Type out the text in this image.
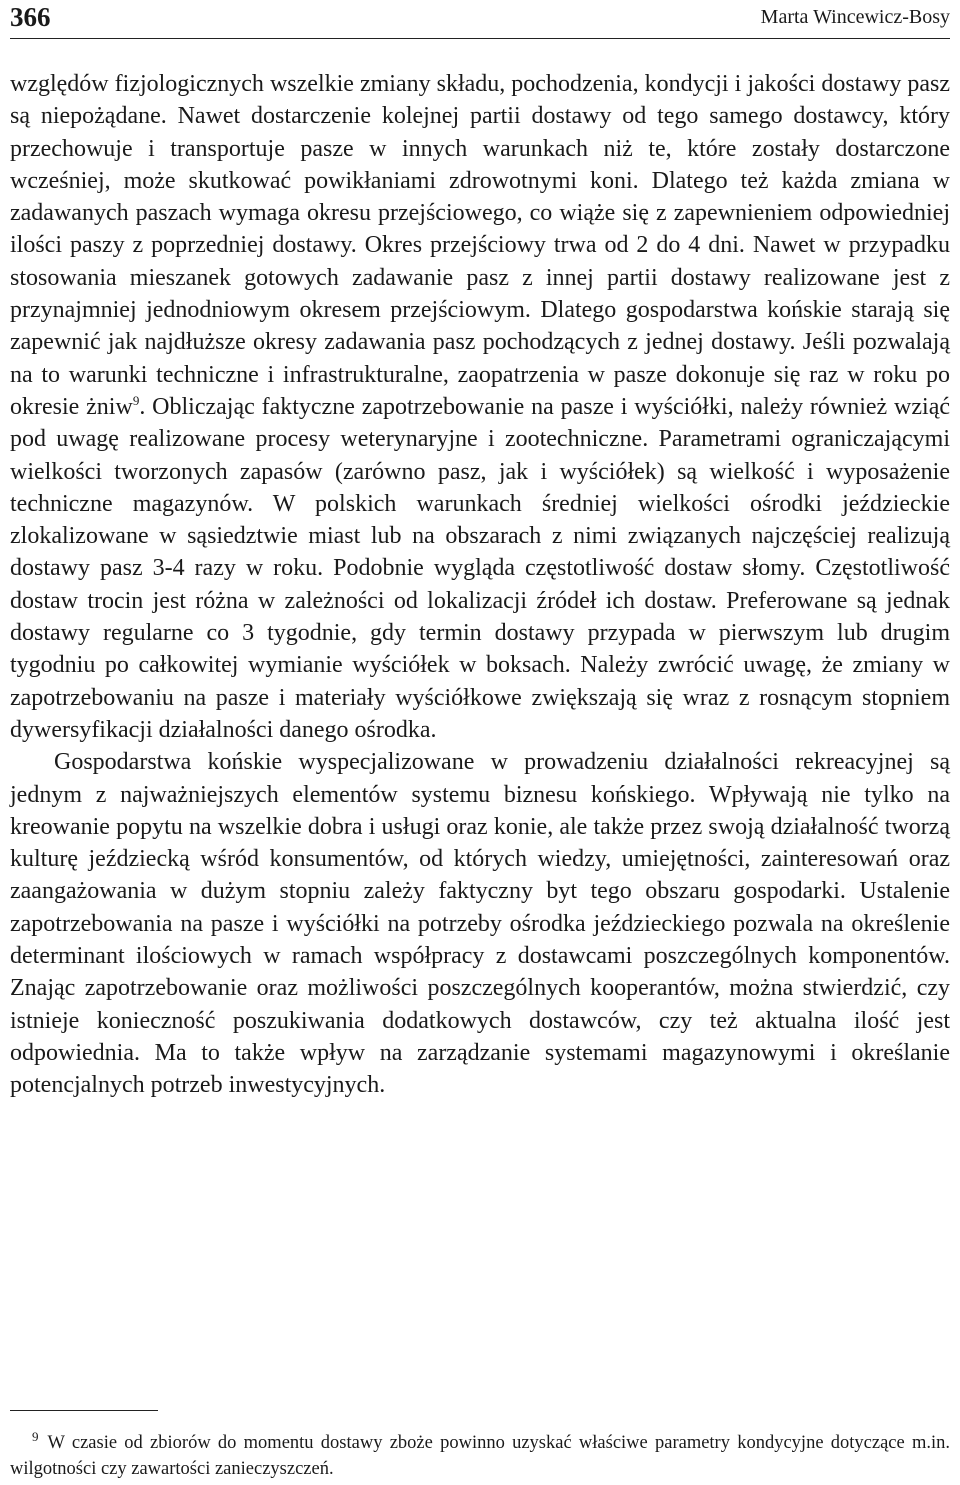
366	Marta Wincewicz-Bosy

względów fizjologicznych wszelkie zmiany składu, pochodzenia, kondycji i jakości dostawy pasz są niepożądane. Nawet dostarczenie kolejnej partii dostawy od tego samego dostawcy, który przechowuje i transportuje pasze w innych warunkach niż te, które zostały dostarczone wcześniej, może skutkować powikłaniami zdrowotnymi koni. Dlatego też każda zmiana w zadawanych paszach wymaga okresu przejściowego, co wiąże się z zapewnieniem odpowiedniej ilości paszy z poprzedniej dostawy. Okres przejściowy trwa od 2 do 4 dni. Nawet w przypadku stosowania mieszanek gotowych zadawanie pasz z innej partii dostawy realizowane jest z przynajmniej jednodniowym okresem przejściowym. Dlatego gospodarstwa końskie starają się zapewnić jak najdłuższe okresy zadawania pasz pochodzących z jednej dostawy. Jeśli pozwalają na to warunki techniczne i infrastrukturalne, zaopatrzenia w pasze dokonuje się raz w roku po okresie żniw$^9$. Obliczając faktyczne zapotrzebowanie na pasze i wyściółki, należy również wziąć pod uwagę realizowane procesy weterynaryjne i zootechniczne. Parametrami ograniczającymi wielkości tworzonych zapasów (zarówno pasz, jak i wyściółek) są wielkość i wyposażenie techniczne magazynów. W polskich warunkach średniej wielkości ośrodki jeździeckie zlokalizowane w sąsiedztwie miast lub na obszarach z nimi związanych najczęściej realizują dostawy pasz 3-4 razy w roku. Podobnie wygląda częstotliwość dostaw słomy. Częstotliwość dostaw trocin jest różna w zależności od lokalizacji źródeł ich dostaw. Preferowane są jednak dostawy regularne co 3 tygodnie, gdy termin dostawy przypada w pierwszym lub drugim tygodniu po całkowitej wymianie wyściółek w boksach. Należy zwrócić uwagę, że zmiany w zapotrzebowaniu na pasze i materiały wyściółkowe zwiększają się wraz z rosnącym stopniem dywersyfikacji działalności danego ośrodka.

Gospodarstwa końskie wyspecjalizowane w prowadzeniu działalności rekreacyjnej są jednym z najważniejszych elementów systemu biznesu końskiego. Wpływają nie tylko na kreowanie popytu na wszelkie dobra i usługi oraz konie, ale także przez swoją działalność tworzą kulturę jeździecką wśród konsumentów, od których wiedzy, umiejętności, zainteresowań oraz zaangażowania w dużym stopniu zależy faktyczny byt tego obszaru gospodarki. Ustalenie zapotrzebowania na pasze i wyściółki na potrzeby ośrodka jeździeckiego pozwala na określenie determinant ilościowych w ramach współpracy z dostawcami poszczególnych komponentów. Znając zapotrzebowanie oraz możliwości poszczególnych kooperantów, można stwierdzić, czy istnieje konieczność poszukiwania dodatkowych dostawców, czy też aktualna ilość jest odpowiednia. Ma to także wpływ na zarządzanie systemami magazynowymi i określanie potencjalnych potrzeb inwestycyjnych.

$^9$ W czasie od zbiorów do momentu dostawy zboże powinno uzyskać właściwe parametry kondycyjne dotyczące m.in. wilgotności czy zawartości zanieczyszczeń.
